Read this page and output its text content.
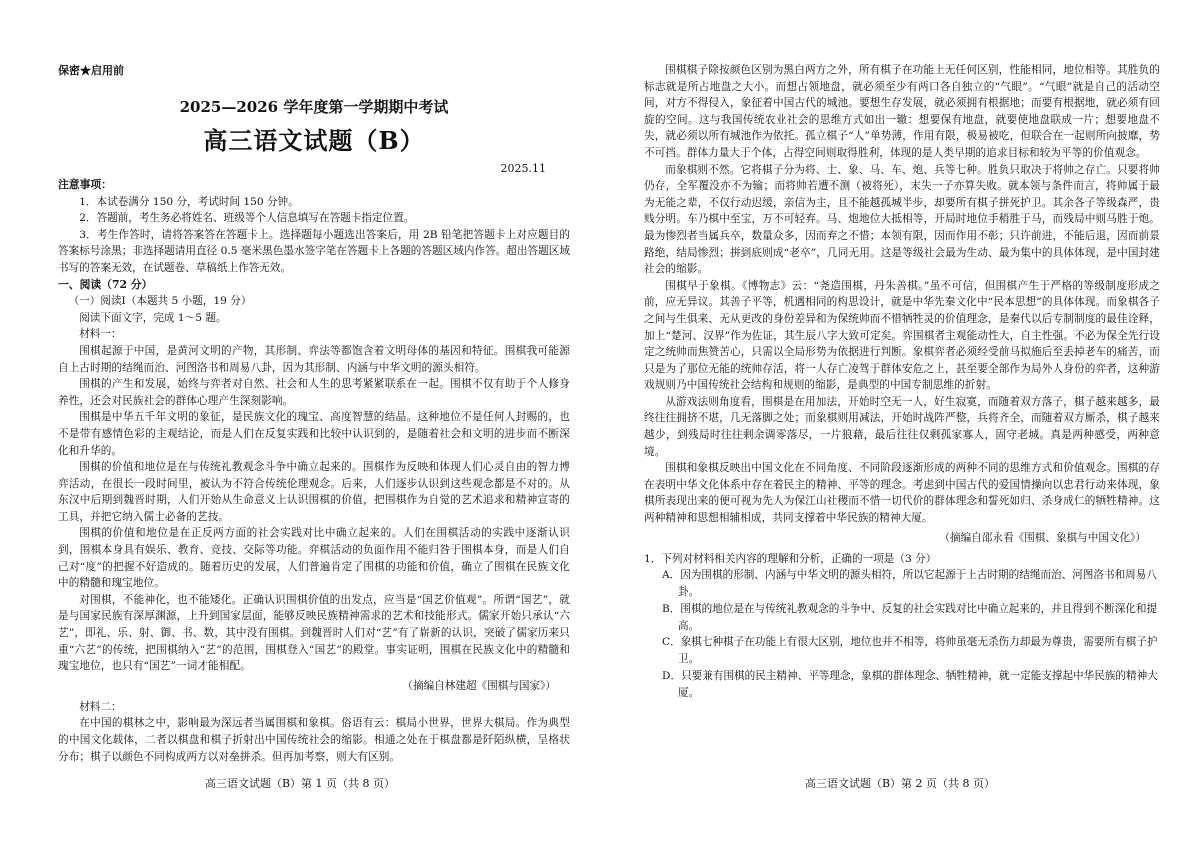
保密★启用前

2025—2026 学年度第一学期期中考试

高三语文试题（B）

2025.11

注意事项：

1．本试卷满分 150 分，考试时间 150 分钟。

2．答题前，考生务必将姓名、班级等个人信息填写在答题卡指定位置。

3．考生作答时，请将答案答在答题卡上。选择题每小题选出答案后，用 2B 铅笔把答题卡上对应题目的答案标号涂黑；非选择题请用直径 0.5 毫米黑色墨水签字笔在答题卡上各题的答题区域内作答。超出答题区域书写的答案无效，在试题卷、草稿纸上作答无效。

一、阅读（72 分）

（一）阅读Ⅰ（本题共 5 小题，19 分）

阅读下面文字，完成 1～5 题。

材料一：

围棋起源于中国，是黄河文明的产物，其形制、弈法等都饱含着文明母体的基因和特征。围棋我可能源自上古时期的结绳而治、河图洛书和周易八卦，因为其形制、内涵与中华文明的源头相符。

围棋的产生和发展，始终与弈者对自然、社会和人生的思考紧紧联系在一起。围棋不仅有助于个人修身养性，还会对民族社会的群体心理产生深刻影响。

围棋是中华五千年文明的象征，是民族文化的瑰宝、高度智慧的结晶。这种地位不是任何人封赐的，也不是带有感情色彩的主观结论，而是人们在反复实践和比较中认识到的，是随着社会和文明的进步而不断深化和升华的。

围棋的价值和地位是在与传统礼教观念斗争中确立起来的。围棋作为反映和体现人们心灵自由的智力博弈活动，在很长一段时间里，被认为不符合传统伦理观念。后来，人们逐步认识到这些观念都是不对的。从东汉中后期到魏晋时期，人们开始从生命意义上认识围棋的价值，把围棋作为自觉的艺术追求和精神宣寄的工具，并把它纳入儒士必备的艺技。

围棋的价值和地位是在正反两方面的社会实践对比中确立起来的。人们在围棋活动的实践中逐渐认识到，围棋本身具有娱乐、教育、竞技、交际等功能。弈棋活动的负面作用不能归咎于围棋本身，而是人们自己对“度”的把握不好造成的。随着历史的发展，人们普遍肯定了围棋的功能和价值，确立了围棋在民族文化中的精髓和瑰宝地位。

对围棋，不能神化，也不能矮化。正确认识围棋价值的出发点，应当是“国艺价值观”。所谓“国艺”，就是与国家民族有深厚渊源，上升到国家层面，能够反映民族精神需求的艺术和技能形式。儒家开始只承认“六艺”，即礼、乐、射、御、书、数，其中没有围棋。到魏晋时人们对“艺”有了崭新的认识，突破了儒家历来只重“六艺”的传统，把围棋纳入“艺”的范围，围棋登入“国艺”的殿堂。事实证明，围棋在民族文化中的精髓和瑰宝地位，也只有“国艺”一词才能相配。

（摘编自林建超《围棋与国家》）

材料二：

在中国的棋林之中，影响最为深远者当属围棋和象棋。俗语有云：棋局小世界，世界大棋局。作为典型的中国文化载体，二者以棋盘和棋子折射出中国传统社会的缩影。相通之处在于棋盘都是阡陌纵横，呈格状分布；棋子以颜色不同构成两方以对垒拼杀。但再加考察，则大有区别。

高三语文试题（B）第 1 页（共 8 页）

围棋棋子除按颜色区别为黑白两方之外，所有棋子在功能上无任何区别，性能相同，地位相等。其胜负的标志就是所占地盘之大小。而想占领地盘，就必须至少有两口各自独立的“气眼”。“气眼”就是自己的活动空间，对方不得侵入，象征着中国古代的城池。要想生存发展，就必须拥有根据地；而要有根据地，就必须有回旋的空间。这与我国传统农业社会的思维方式如出一辙：想要保有地盘，就要使地盘联成一片；想要地盘不失，就必须以所有城池作为依托。孤立棋子“人”单势薄，作用有限，极易被吃，但联合在一起则所向披靡，势不可挡。群体力量大于个体，占得空间则取得胜利，体现的是人类早期的追求目标和较为平等的价值观念。

而象棋则不然。它将棋子分为将、士、象、马、车、炮、兵等七种。胜负只取决于将帅之存亡。只要将帅仍存，全军覆没亦不为输；而将帅若遭不测（被将死），末失一子亦算失败。就本领与条件而言，将帅属于最为无能之辈，不仅行动迟缓，亲信为主，且不能越孤城半步，却要所有棋子拼死护卫。其余各子等级森严，贵贱分明。车乃棋中至宝，万不可轻弃。马、炮地位大抵相等，开局时地位手稍胜于马，而残局中则马胜于炮。最为惨烈者当属兵卒，数量众多，因而弃之不惜；本领有限，因而作用不彰；只许前进，不能后退，因而前景路绝，结局惨烈；拼到底则成“老卒”，几同无用。这是等级社会最为生动、最为集中的具体体现，是中国封建社会的缩影。

围棋早于象棋。《博物志》云：“尧造围棋，丹朱善棋。”虽不可信，但围棋产生于严格的等级制度形成之前，应无异议。其善子平等，机遇相同的构思设计，就是中华先秦文化中“民本思想”的具体体现。而象棋各子之间与生俱来、无从更改的身份差异和为保统帅而不惜牺牲灵的价值理念，是秦代以后专制制度的最佳诠释，加上“楚河、汉界”作为佐证，其生辰八字大致可定矣。弈围棋者主观能动性大，自主性强。不必为保全先行设定之统帅而焦赞苦心，只需以全局形势为依据进行判断。象棋弈者必须经受前马拟施后至丢掉老车的痛苦，而只是为了那位无能的统帅存活，将一人存亡凌驾于群体安危之上，甚至要全部作为局外人身份的弈者，这种游戏规则乃中国传统社会结构和规则的缩影，是典型的中国专制思维的折射。

从游戏法则角度看，围棋是在用加法，开始时空无一人，好生寂寞，而随着双方落子，棋子越来越多，最终往往拥挤不堪，几无落脚之处；而象棋则用减法，开始时战阵严整，兵将齐全，而随着双方厮杀，棋子越来越少，到残局时往往剩余调零落尽，一片狼藉，最后往往仅剩孤家寡人，固守老城。真是两种感受，两种意境。

围棋和象棋反映出中国文化在不同角度、不同阶段逐渐形成的两种不同的思维方式和价值观念。围棋的存在表明中华文化体系中存在着民主的精神、平等的理念。考虑到中国古代的爱国情操向以忠君行动来体现，象棋所表现出来的便可视为先人为保江山社稷而不惜一切代价的群体理念和誓死如归、杀身成仁的牺牲精神。这两种精神和思想相辅相成，共同支撑着中华民族的精神大厦。

（摘编自邵永看《围棋、象棋与中国文化》）

1．下列对材料相关内容的理解和分析，正确的一项是（3 分）

A．因为围棋的形制、内涵与中华文明的源头相符，所以它起源于上古时期的结绳而治、河图洛书和周易八卦。

B．围棋的地位是在与传统礼教观念的斗争中、反复的社会实践对比中确立起来的，并且得到不断深化和提高。

C．象棋七种棋子在功能上有很大区别，地位也并不相等，将帅虽毫无杀伤力却最为尊贵，需要所有棋子护卫。

D．只要兼有围棋的民主精神、平等理念，象棋的群体理念、牺牲精神，就一定能支撑起中华民族的精神大厦。

高三语文试题（B）第 2 页（共 8 页）
